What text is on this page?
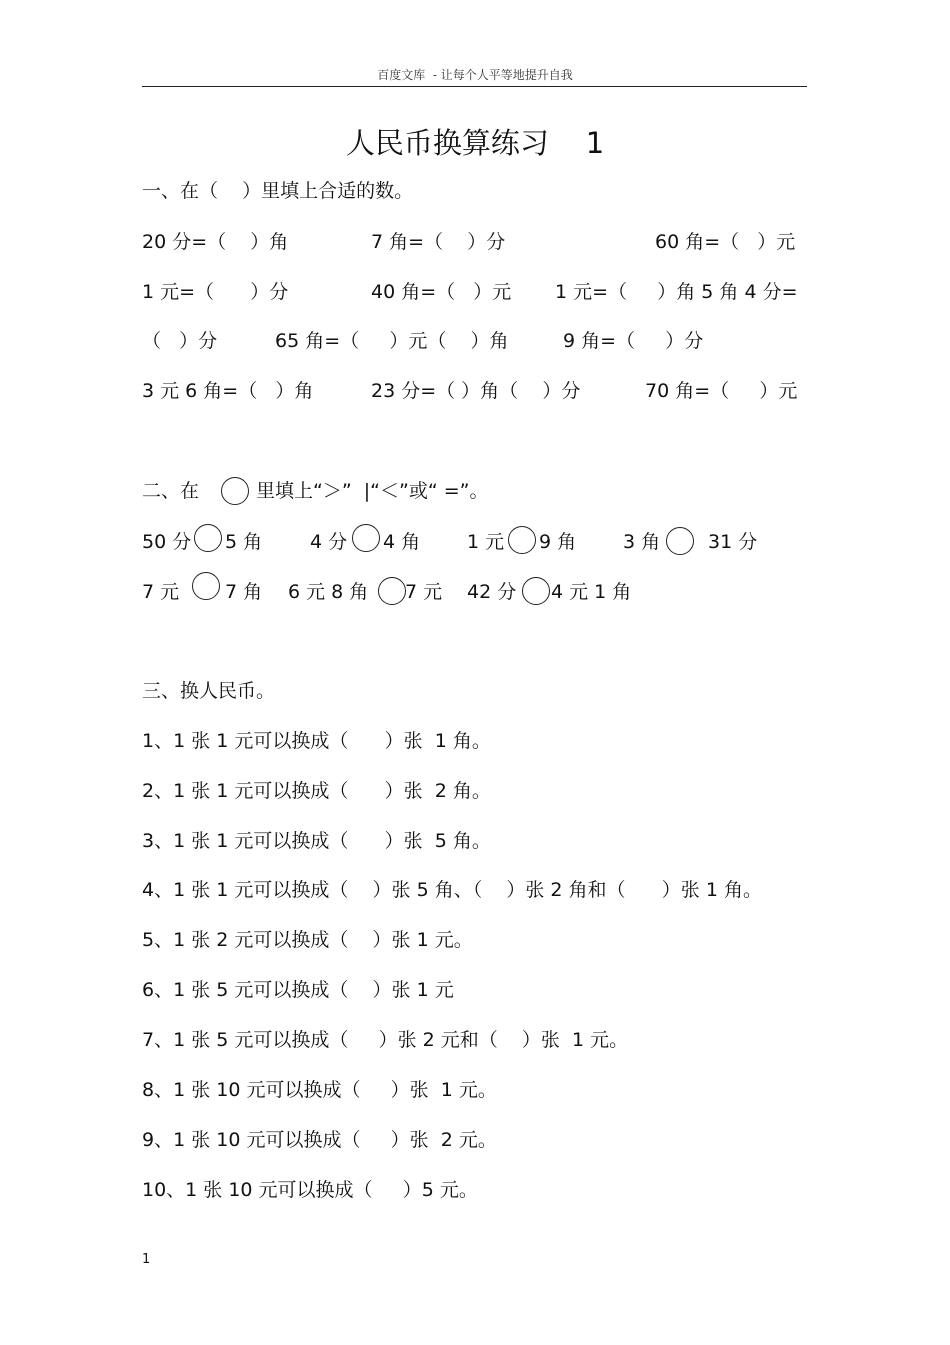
百度文库  - 让每个人平等地提升自我
人民币换算练习    1
一、在（    ）里填上合适的数。
20 分=（    ）角	7 角=（    ）分	60 角=（   ）元
1 元=（      ）分	40 角=（   ）元 1 元=（     ）角 5 角 4 分=
（   ）分	65 角=（     ）元（    ）角	9 角=（     ）分
3 元 6 角=（   ）角	23 分=（ ）角（    ）分	70 角=（     ）元
二、在	里填上“＞”  |“＜”或“ =”。
50 分 5 角	4 分 4 角 1 元 9 角 3 角	31 分
7 元 7 角 6 元 8 角 7 元 42 分 4 元 1 角
三、换人民币。
1、1 张 1 元可以换成（      ）张  1 角。
2、1 张 1 元可以换成（      ）张  2 角。
3、1 张 1 元可以换成（      ）张  5 角。
4、1 张 1 元可以换成（    ）张 5 角、（    ）张 2 角和（      ）张 1 角。
5、1 张 2 元可以换成（    ）张 1 元。
6、1 张 5 元可以换成（    ）张 1 元
7、1 张 5 元可以换成（     ）张 2 元和（    ）张  1 元。
8、1 张 10 元可以换成（     ）张  1 元。
9、1 张 10 元可以换成（     ）张  2 元。
10、1 张 10 元可以换成（     ）5 元。
1
